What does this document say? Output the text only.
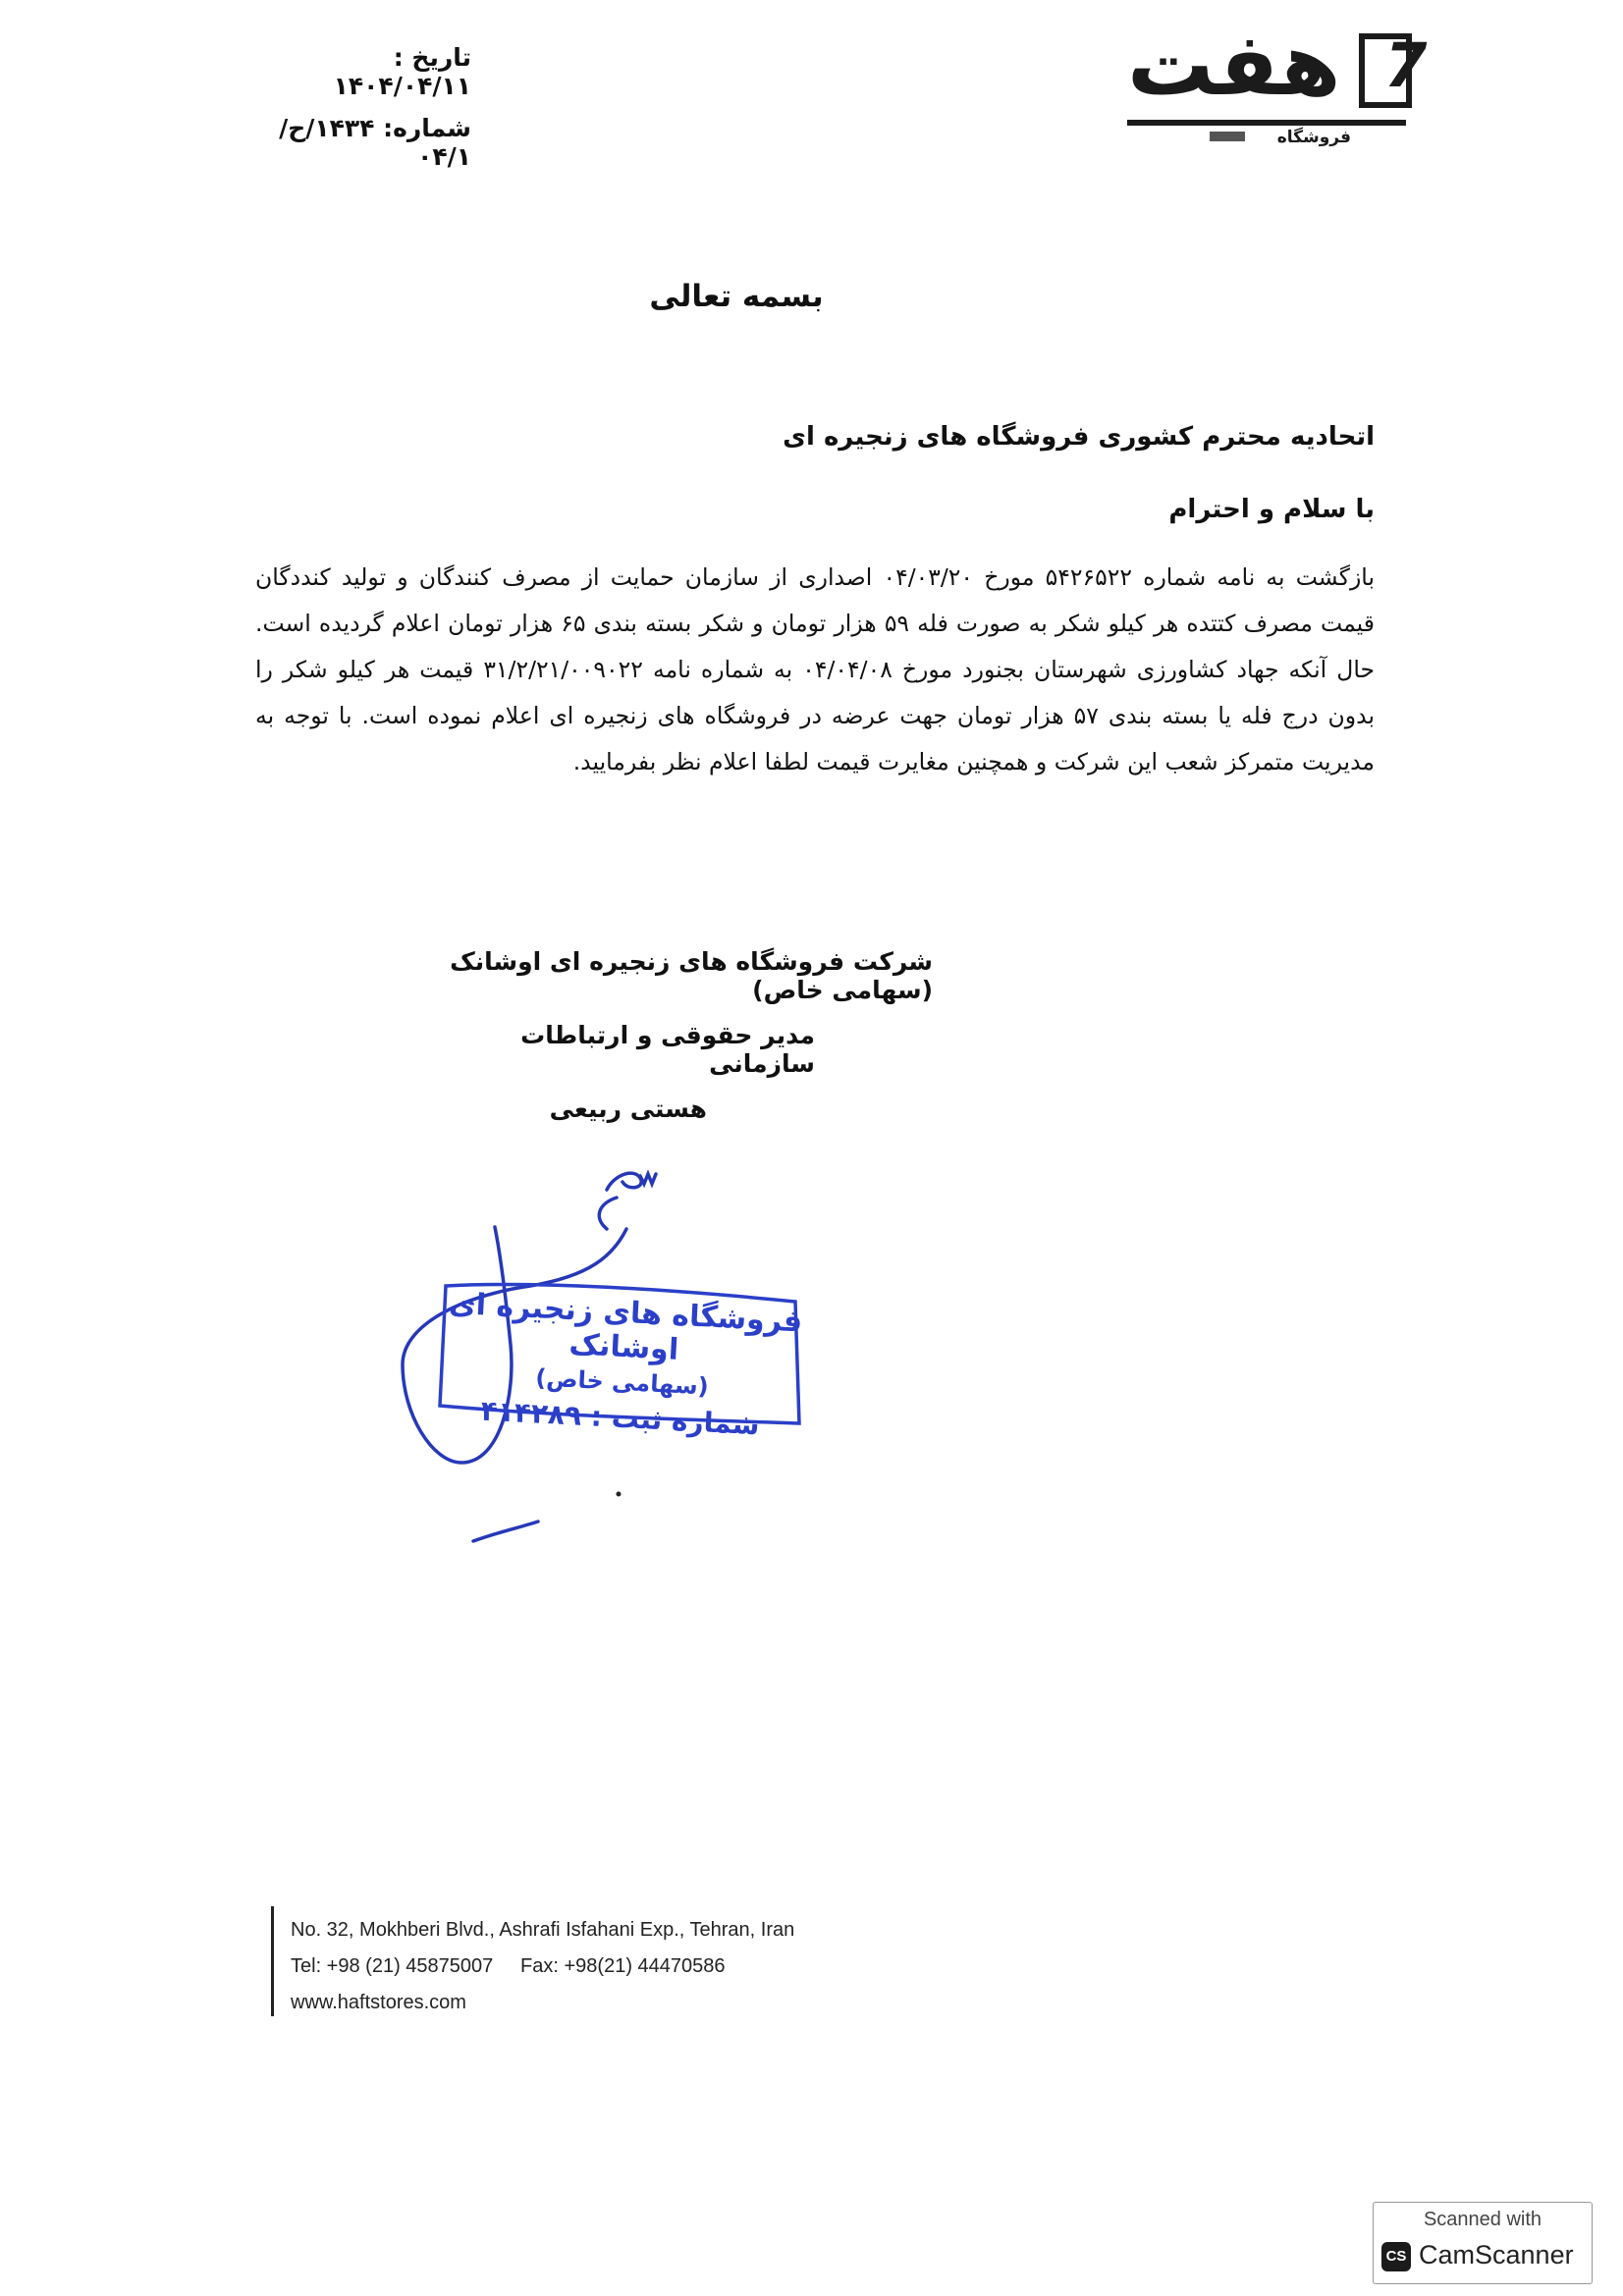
تاریخ : ۱۴۰۴/۰۴/۱۱
شماره: ۱۴۳۴/ح/۰۴/۱
هفت 7
فروشگاه
بسمه تعالی
اتحادیه محترم کشوری فروشگاه های زنجیره ای
با سلام و احترام
بازگشت به نامه شماره ۵۴۲۶۵۲۲ مورخ ۰۴/۰۳/۲۰ اصداری از سازمان حمایت از مصرف کنندگان و تولید کنددگان قیمت مصرف کتتده هر کیلو شکر به صورت فله ۵۹ هزار تومان و شکر بسته بندی ۶۵ هزار تومان اعلام گردیده است. حال آنکه جهاد کشاورزی شهرستان بجنورد مورخ ۰۴/۰۴/۰۸ به شماره نامه ۳۱/۲/۲۱/۰۰۹۰۲۲ قیمت هر کیلو شکر را بدون درج فله یا بسته بندی ۵۷ هزار تومان جهت عرضه در فروشگاه های زنجیره ای اعلام نموده است. با توجه به مدیریت متمرکز شعب این شرکت و همچنین مغایرت قیمت لطفا اعلام نظر بفرمایید.
شرکت فروشگاه های زنجیره ای اوشانک (سهامی خاص)
مدیر حقوقی و ارتباطات سازمانی
هستی ربیعی
فروشگاه های زنجیره ای اوشانک
(سهامی خاص)
شماره ثبت : ۴۱۴۲۸۹
No. 32, Mokhberi Blvd., Ashrafi Isfahani Exp., Tehran, Iran
Tel: +98 (21) 45875007     Fax: +98(21) 44470586
www.haftstores.com
Scanned with
CS CamScanner
